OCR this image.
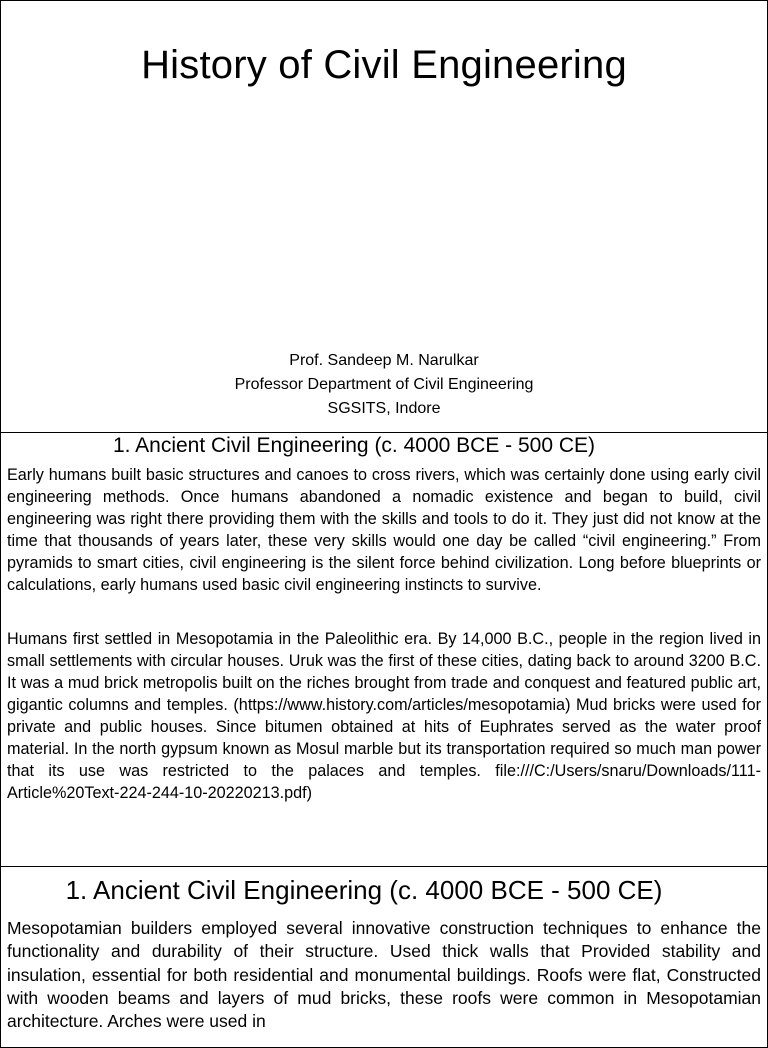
History of Civil Engineering
Prof. Sandeep M. Narulkar
Professor Department of Civil Engineering
SGSITS, Indore
1. Ancient Civil Engineering (c. 4000 BCE - 500 CE)

Early humans built basic structures and canoes to cross rivers, which was certainly done using early civil engineering methods. Once humans abandoned a nomadic existence and began to build, civil engineering was right there providing them with the skills and tools to do it. They just did not know at the time that thousands of years later, these very skills would one day be called “civil engineering.” From pyramids to smart cities, civil engineering is the silent force behind civilization. Long before blueprints or calculations, early humans used basic civil engineering instincts to survive.

Humans first settled in Mesopotamia in the Paleolithic era. By 14,000 B.C., people in the region lived in small settlements with circular houses. Uruk was the first of these cities, dating back to around 3200 B.C. It was a mud brick metropolis built on the riches brought from trade and conquest and featured public art, gigantic columns and temples. (https://www.history.com/articles/mesopotamia) Mud bricks were used for private and public houses. Since bitumen obtained at hits of Euphrates served as the water proof material. In the north gypsum known as Mosul marble but its transportation required so much man power that its use was restricted to the palaces and temples. file:///C:/Users/snaru/Downloads/111-Article%20Text-224-244-10-20220213.pdf)

1. Ancient Civil Engineering (c. 4000 BCE - 500 CE)

Mesopotamian builders employed several innovative construction techniques to enhance the functionality and durability of their structure. Used thick walls that Provided stability and insulation, essential for both residential and monumental buildings. Roofs were flat, Constructed with wooden beams and layers of mud bricks, these roofs were common in Mesopotamian architecture. Arches were used in
